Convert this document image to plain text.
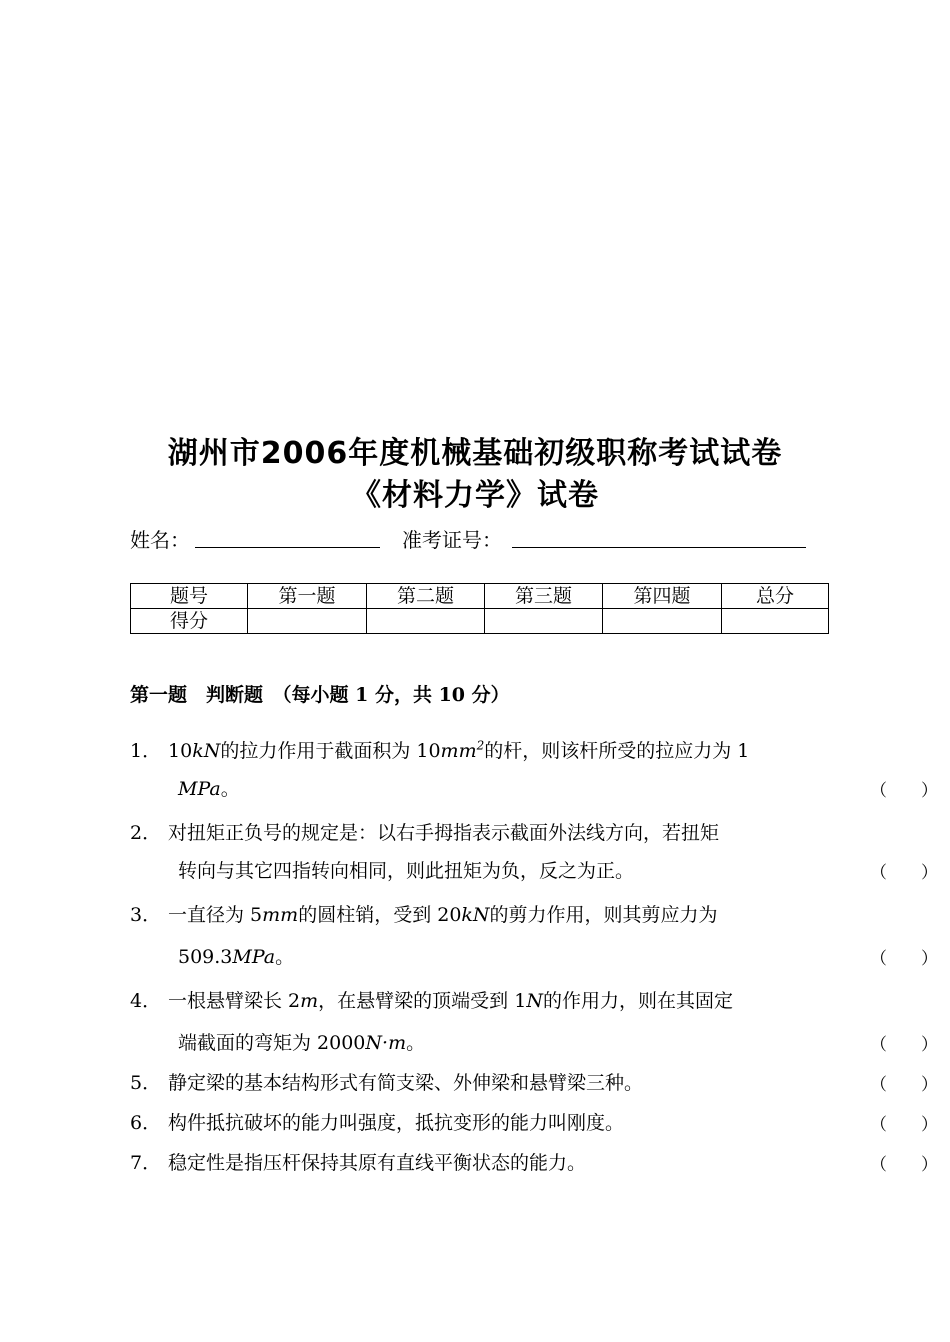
湖州市2006年度机械基础初级职称考试试卷
《材料力学》试卷
姓名：	准考证号：
题号	第一题	第二题	第三题	第四题	总分
得分					
第一题　判断题　（每小题 1 分，共 10 分）
1． 10kN的拉力作用于截面积为 $10mm^2$的杆，则该杆所受的拉应力为 1
MPa。	（　　）
2． 对扭矩正负号的规定是：以右手拇指表示截面外法线方向，若扭矩
转向与其它四指转向相同，则此扭矩为负，反之为正。	（　　）
3． 一直径为 5mm的圆柱销，受到 20kN的剪力作用，则其剪应力为
509.3MPa。	（　　）
4． 一根悬臂梁长 2m，在悬臂梁的顶端受到 1N的作用力，则在其固定
端截面的弯矩为 2000N·m。	（　　）
5． 静定梁的基本结构形式有简支梁、外伸梁和悬臂梁三种。	（　　）
6． 构件抵抗破坏的能力叫强度，抵抗变形的能力叫刚度。	（　　）
7． 稳定性是指压杆保持其原有直线平衡状态的能力。	（　　）
